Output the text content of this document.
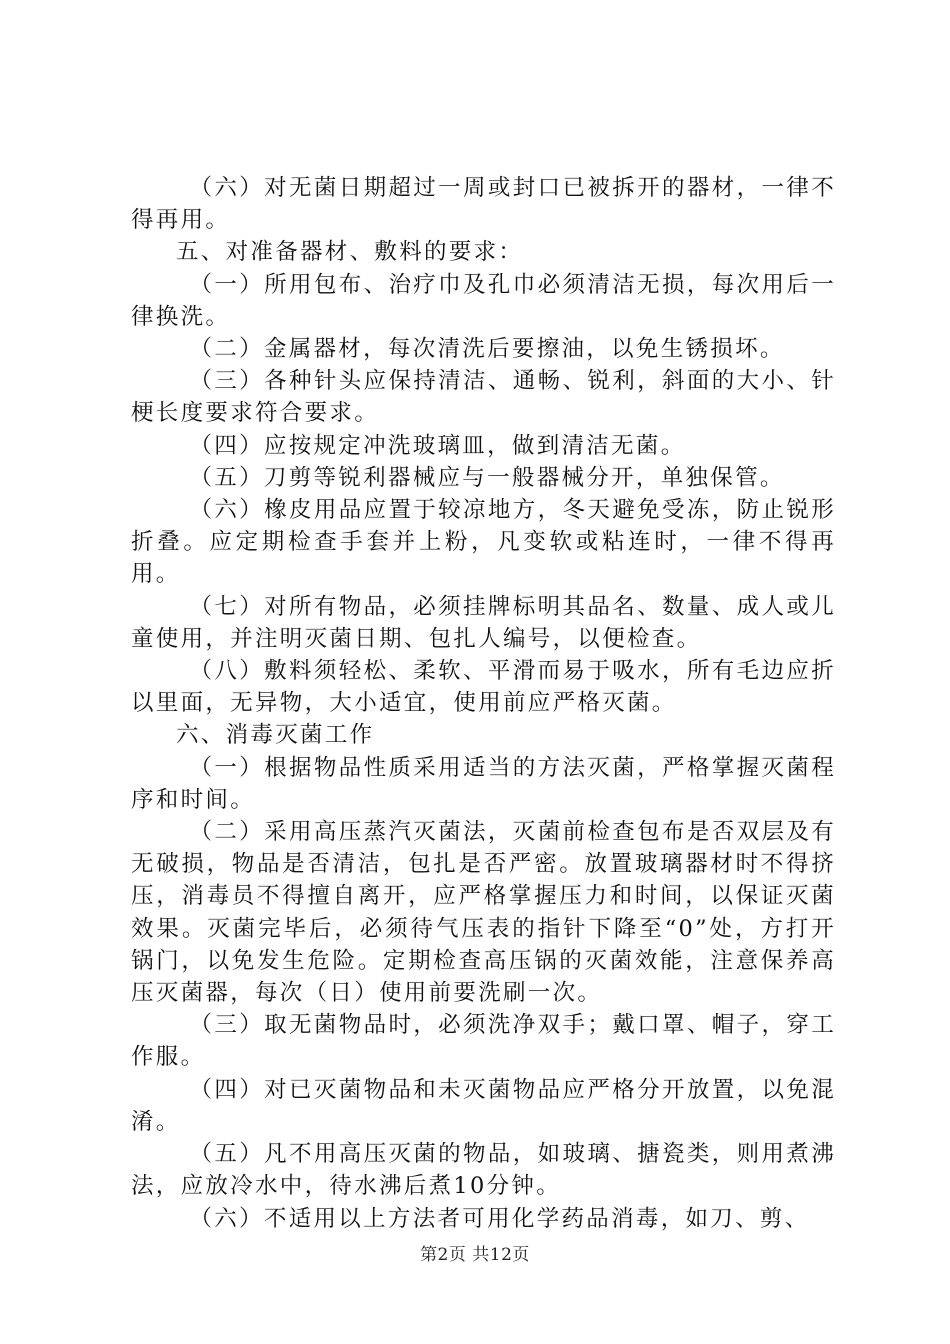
（六）对无菌日期超过一周或封口已被拆开的器材，一律不得再用。

五、对准备器材、敷料的要求：

（一）所用包布、治疗巾及孔巾必须清洁无损，每次用后一律换洗。

（二）金属器材，每次清洗后要擦油，以免生锈损坏。

（三）各种针头应保持清洁、通畅、锐利，斜面的大小、针梗长度要求符合要求。

（四）应按规定冲洗玻璃皿，做到清洁无菌。

（五）刀剪等锐利器械应与一般器械分开，单独保管。

（六）橡皮用品应置于较凉地方，冬天避免受冻，防止锐形折叠。应定期检查手套并上粉，凡变软或粘连时，一律不得再用。

（七）对所有物品，必须挂牌标明其品名、数量、成人或儿童使用，并注明灭菌日期、包扎人编号，以便检查。

（八）敷料须轻松、柔软、平滑而易于吸水，所有毛边应折以里面，无异物，大小适宜，使用前应严格灭菌。

六、消毒灭菌工作

（一）根据物品性质采用适当的方法灭菌，严格掌握灭菌程序和时间。

（二）采用高压蒸汽灭菌法，灭菌前检查包布是否双层及有无破损，物品是否清洁，包扎是否严密。放置玻璃器材时不得挤压，消毒员不得擅自离开，应严格掌握压力和时间，以保证灭菌效果。灭菌完毕后，必须待气压表的指针下降至“0”处，方打开锅门，以免发生危险。定期检查高压锅的灭菌效能，注意保养高压灭菌器，每次（日）使用前要洗刷一次。

（三）取无菌物品时，必须洗净双手；戴口罩、帽子，穿工作服。

（四）对已灭菌物品和未灭菌物品应严格分开放置，以免混淆。

（五）凡不用高压灭菌的物品，如玻璃、搪瓷类，则用煮沸法，应放冷水中，待水沸后煮10分钟。

（六）不适用以上方法者可用化学药品消毒，如刀、剪、

第2页 共12页
